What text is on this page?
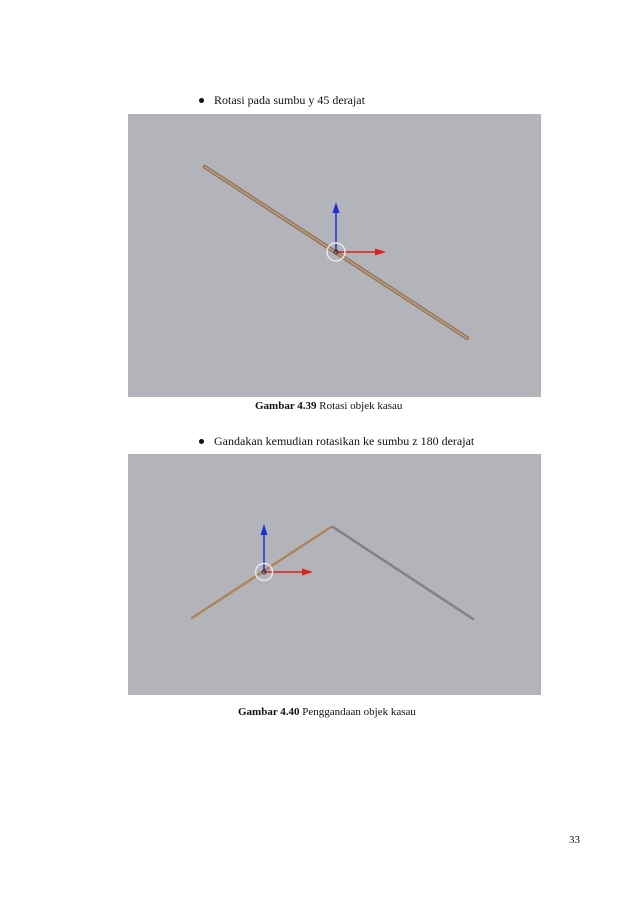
Rotasi pada sumbu y 45 derajat
Gambar 4.39 Rotasi objek kasau
Gandakan kemudian rotasikan ke sumbu z 180 derajat
Gambar 4.40 Penggandaan objek kasau
33
